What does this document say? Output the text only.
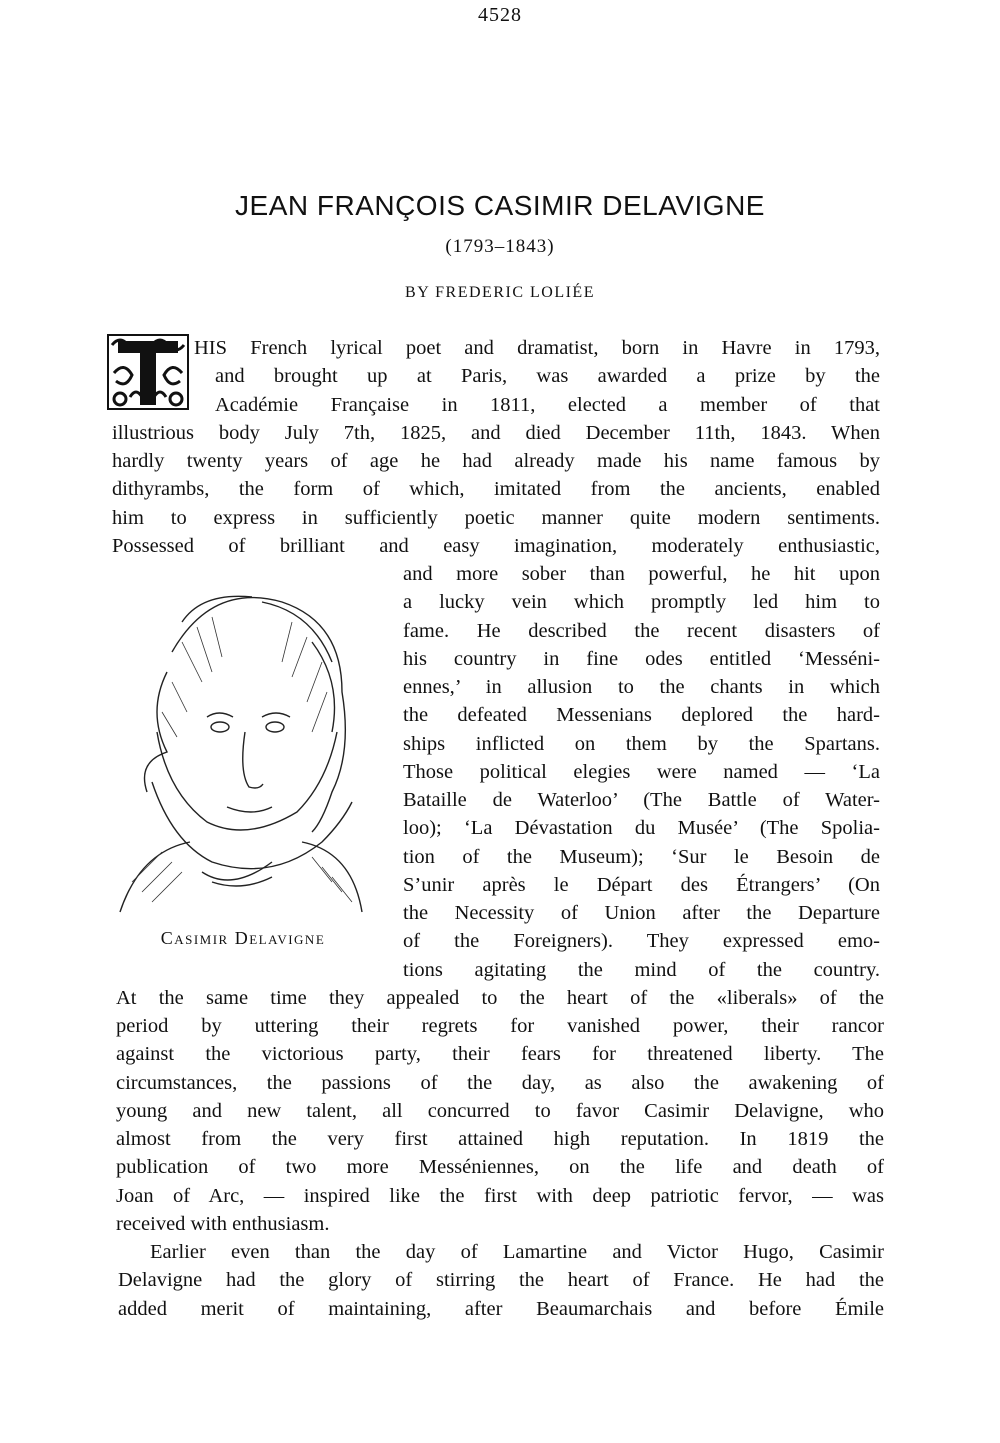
4528
JEAN FRANÇOIS CASIMIR DELAVIGNE
(1793–1843)
BY FREDERIC LOLIÉE
Casimir Delavigne
HIS French lyrical poet and dramatist, born in Havre in 1793,
and brought up at Paris, was awarded a prize by the
Académie Française in 1811, elected a member of that
illustrious body July 7th, 1825, and died December 11th, 1843. When
hardly twenty years of age he had already made his name famous by
dithyrambs, the form of which, imitated from the ancients, enabled
him to express in sufficiently poetic manner quite modern sentiments.
Possessed of brilliant and easy imagination, moderately enthusiastic,
and more sober than powerful, he hit upon
a lucky vein which promptly led him to
fame. He described the recent disasters of
his country in fine odes entitled ‘Messéni-
ennes,’ in allusion to the chants in which
the defeated Messenians deplored the hard-
ships inflicted on them by the Spartans.
Those political elegies were named — ‘La
Bataille de Waterloo’ (The Battle of Water-
loo); ‘La Dévastation du Musée’ (The Spolia-
tion of the Museum); ‘Sur le Besoin de
S’unir après le Départ des Étrangers’ (On
the Necessity of Union after the Departure
of the Foreigners). They expressed emo-
tions agitating the mind of the country.
At the same time they appealed to the heart of the «liberals» of the
period by uttering their regrets for vanished power, their rancor
against the victorious party, their fears for threatened liberty. The
circumstances, the passions of the day, as also the awakening of
young and new talent, all concurred to favor Casimir Delavigne, who
almost from the very first attained high reputation. In 1819 the
publication of two more Messéniennes, on the life and death of
Joan of Arc, — inspired like the first with deep patriotic fervor, — was
received with enthusiasm.
Earlier even than the day of Lamartine and Victor Hugo, Casimir
Delavigne had the glory of stirring the heart of France. He had the
added merit of maintaining, after Beaumarchais and before Émile
